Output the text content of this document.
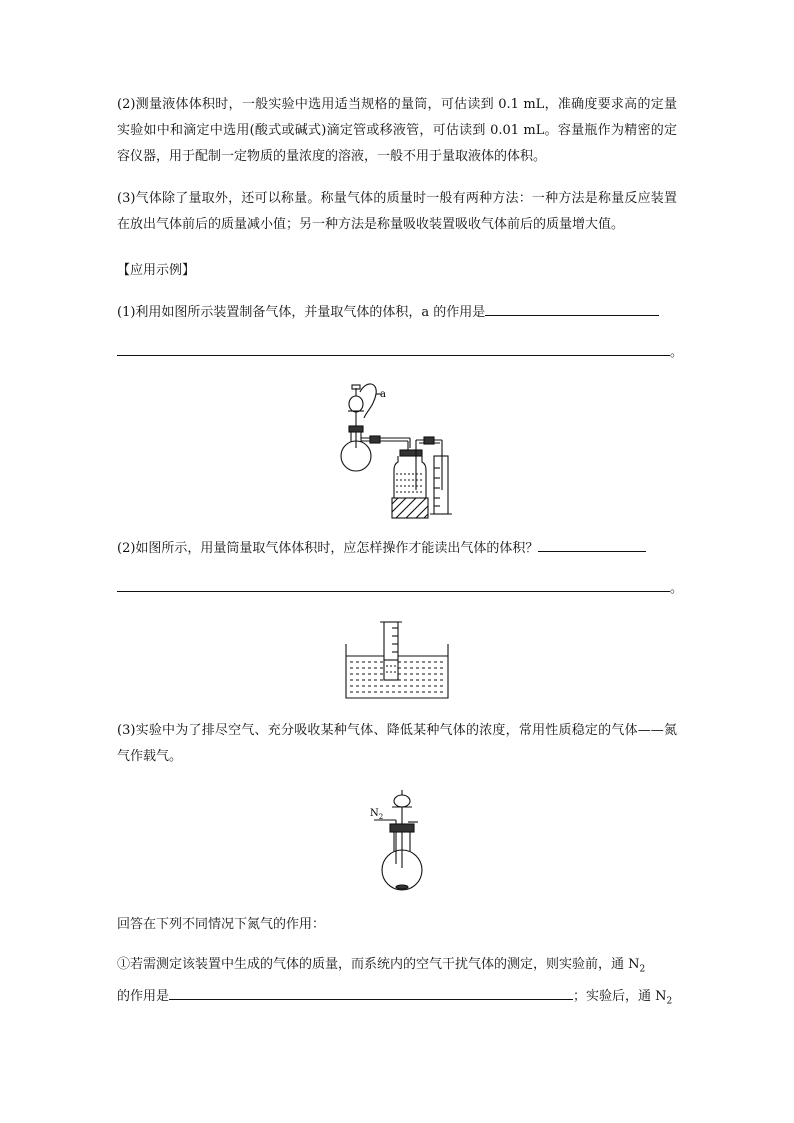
(2)测量液体体积时，一般实验中选用适当规格的量筒，可估读到 0.1 mL，准确度要求高的定量实验如中和滴定中选用(酸式或碱式)滴定管或移液管，可估读到 0.01 mL。容量瓶作为精密的定容仪器，用于配制一定物质的量浓度的溶液，一般不用于量取液体的体积。

(3)气体除了量取外，还可以称量。称量气体的质量时一般有两种方法：一种方法是称量反应装置在放出气体前后的质量减小值；另一种方法是称量吸收装置吸收气体前后的质量增大值。

【应用示例】
(1)利用如图所示装置制备气体，并量取气体的体积，a 的作用是
。
a
(2)如图所示，用量筒量取气体体积时，应怎样操作才能读出气体的体积？
。

(3)实验中为了排尽空气、充分吸收某种气体、降低某种气体的浓度，常用性质稳定的气体——氮气作载气。

$N_2$
回答在下列不同情况下氮气的作用：
①若需测定该装置中生成的气体的质量，而系统内的空气干扰气体的测定，则实验前，通 $N_2$
的作用是	；实验后，通 $N_2$
